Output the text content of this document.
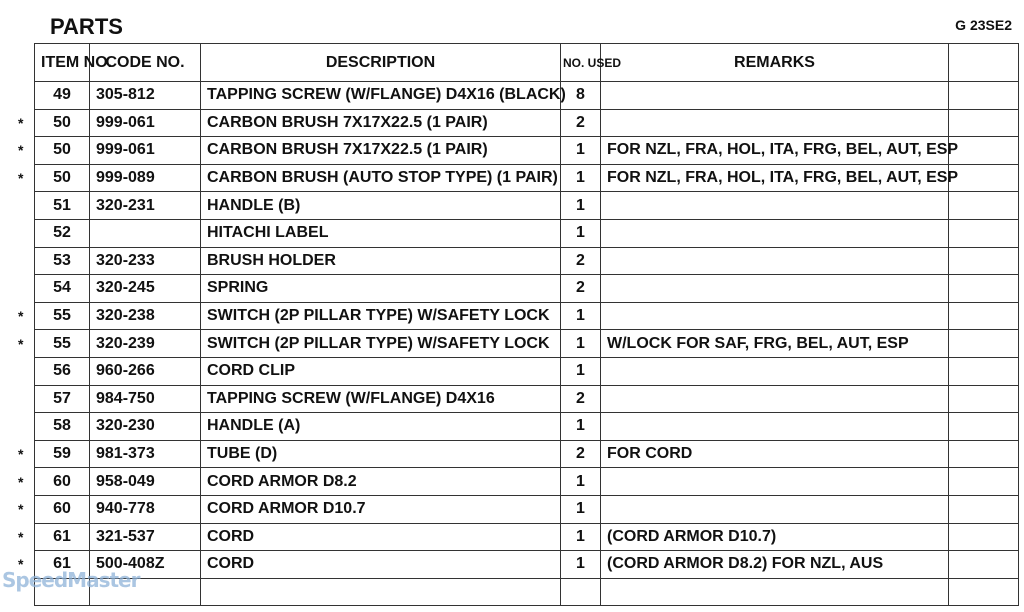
PARTS	G 23SE2
ITEM NO.	CODE NO.	DESCRIPTION	NO. USED	REMARKS	
49	305-812	TAPPING SCREW (W/FLANGE) D4X16 (BLACK)	8		
50	999-061	CARBON BRUSH 7X17X22.5 (1 PAIR)	2		
50	999-061	CARBON BRUSH 7X17X22.5 (1 PAIR)	1	FOR NZL, FRA, HOL, ITA, FRG, BEL, AUT, ESP	
50	999-089	CARBON BRUSH (AUTO STOP TYPE) (1 PAIR)	1	FOR NZL, FRA, HOL, ITA, FRG, BEL, AUT, ESP	
51	320-231	HANDLE (B)	1		
52		HITACHI LABEL	1		
53	320-233	BRUSH HOLDER	2		
54	320-245	SPRING	2		
55	320-238	SWITCH (2P PILLAR TYPE) W/SAFETY LOCK	1		
55	320-239	SWITCH (2P PILLAR TYPE) W/SAFETY LOCK	1	W/LOCK FOR SAF, FRG, BEL, AUT, ESP	
56	960-266	CORD CLIP	1		
57	984-750	TAPPING SCREW (W/FLANGE) D4X16	2		
58	320-230	HANDLE (A)	1		
59	981-373	TUBE (D)	2	FOR CORD	
60	958-049	CORD ARMOR D8.2	1		
60	940-778	CORD ARMOR D10.7	1		
61	321-537	CORD	1	(CORD ARMOR D10.7)	
61	500-408Z	CORD	1	(CORD ARMOR D8.2) FOR NZL, AUS	

*
*
*
*
*
*
*
*
*
*
SpeedMaster
